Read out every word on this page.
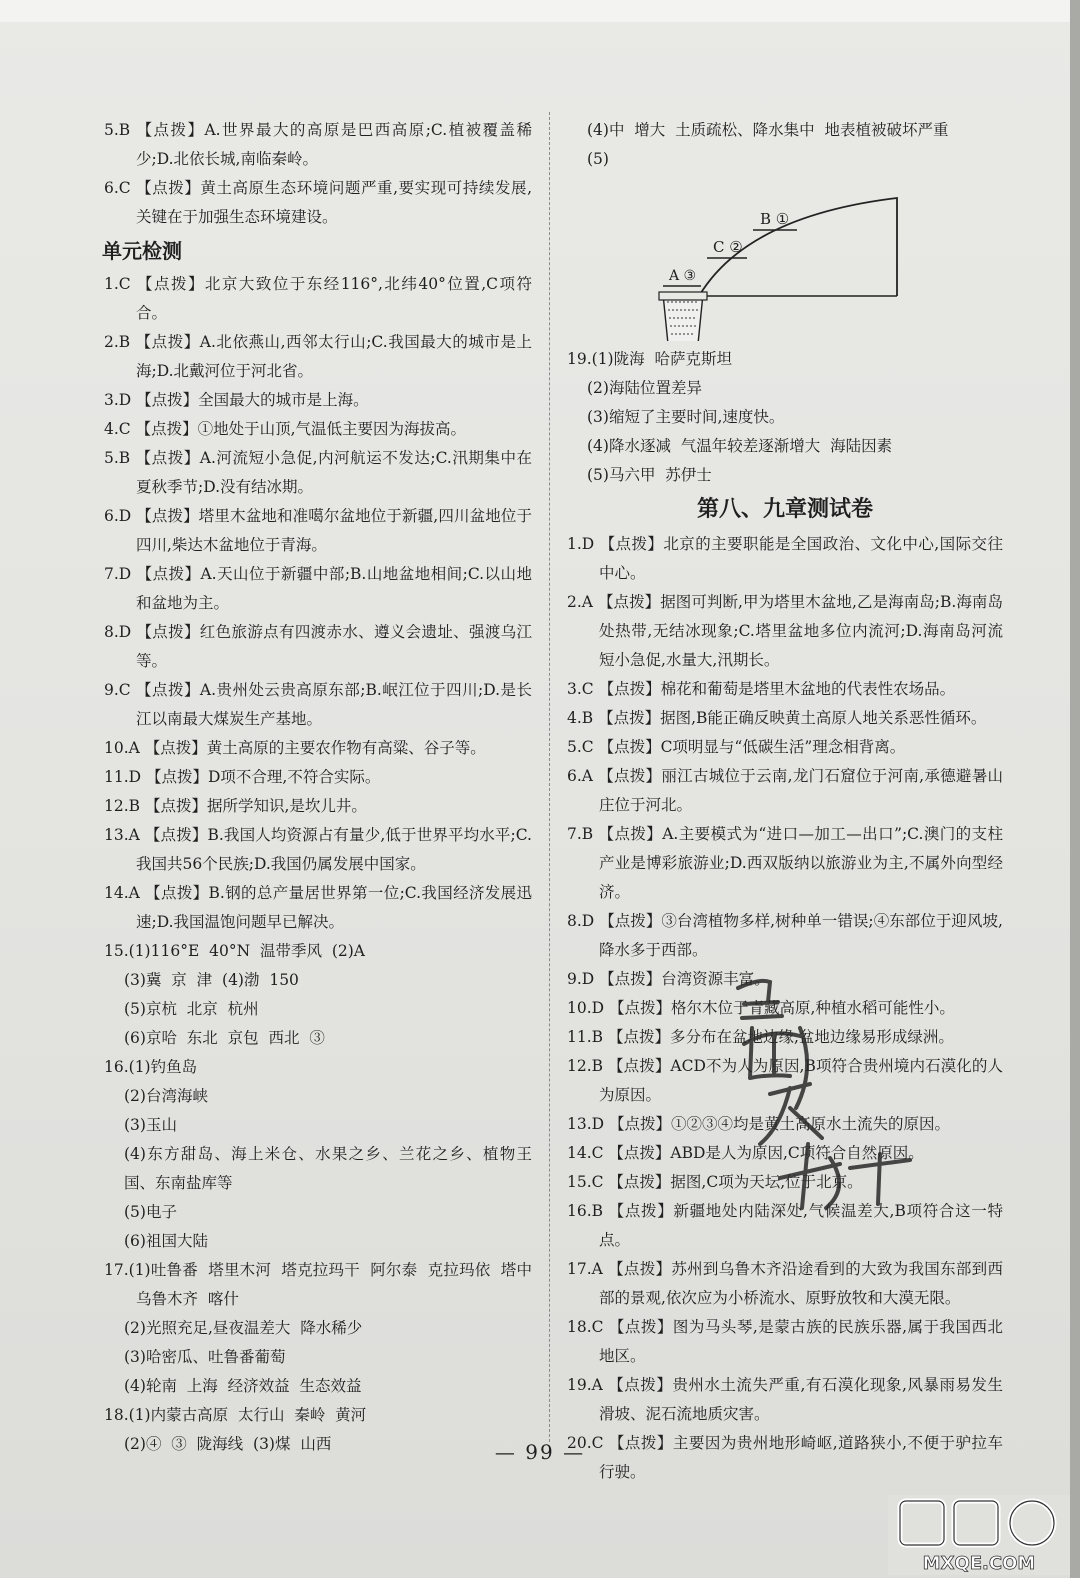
5.B 【点拨】A.世界最大的高原是巴西高原;C.植被覆盖稀少;D.北依长城,南临秦岭。

6.C 【点拨】黄土高原生态环境问题严重,要实现可持续发展,关键在于加强生态环境建设。

单元检测

1.C 【点拨】北京大致位于东经116°,北纬40°位置,C项符合。

2.B 【点拨】A.北依燕山,西邻太行山;C.我国最大的城市是上海;D.北戴河位于河北省。

3.D 【点拨】全国最大的城市是上海。

4.C 【点拨】①地处于山顶,气温低主要因为海拔高。

5.B 【点拨】A.河流短小急促,内河航运不发达;C.汛期集中在夏秋季节;D.没有结冰期。

6.D 【点拨】塔里木盆地和准噶尔盆地位于新疆,四川盆地位于四川,柴达木盆地位于青海。

7.D 【点拨】A.天山位于新疆中部;B.山地盆地相间;C.以山地和盆地为主。

8.D 【点拨】红色旅游点有四渡赤水、遵义会遗址、强渡乌江等。

9.C 【点拨】A.贵州处云贵高原东部;B.岷江位于四川;D.是长江以南最大煤炭生产基地。

10.A 【点拨】黄土高原的主要农作物有高粱、谷子等。

11.D 【点拨】D项不合理,不符合实际。

12.B 【点拨】据所学知识,是坎儿井。

13.A 【点拨】B.我国人均资源占有量少,低于世界平均水平;C.我国共56个民族;D.我国仍属发展中国家。

14.A 【点拨】B.钢的总产量居世界第一位;C.我国经济发展迅速;D.我国温饱问题早已解决。

15.(1)116°E  40°N  温带季风  (2)A

(3)冀  京  津  (4)渤  150

(5)京杭  北京  杭州

(6)京哈  东北  京包  西北  ③

16.(1)钓鱼岛

(2)台湾海峡

(3)玉山

(4)东方甜岛、海上米仓、水果之乡、兰花之乡、植物王国、东南盐库等

(5)电子

(6)祖国大陆

17.(1)吐鲁番  塔里木河  塔克拉玛干  阿尔泰  克拉玛依  塔中  乌鲁木齐  喀什

(2)光照充足,昼夜温差大  降水稀少

(3)哈密瓜、吐鲁番葡萄

(4)轮南  上海  经济效益  生态效益

18.(1)内蒙古高原  太行山  秦岭  黄河

(2)④  ③  陇海线  (3)煤  山西

(4)中  增大  土质疏松、降水集中  地表植被破坏严重

(5)

B ①
C ②
A ③

19.(1)陇海  哈萨克斯坦

(2)海陆位置差异

(3)缩短了主要时间,速度快。

(4)降水逐减  气温年较差逐渐增大  海陆因素

(5)马六甲  苏伊士

第八、九章测试卷

1.D 【点拨】北京的主要职能是全国政治、文化中心,国际交往中心。

2.A 【点拨】据图可判断,甲为塔里木盆地,乙是海南岛;B.海南岛处热带,无结冰现象;C.塔里盆地多位内流河;D.海南岛河流短小急促,水量大,汛期长。

3.C 【点拨】棉花和葡萄是塔里木盆地的代表性农场品。

4.B 【点拨】据图,B能正确反映黄土高原人地关系恶性循环。

5.C 【点拨】C项明显与“低碳生活”理念相背离。

6.A 【点拨】丽江古城位于云南,龙门石窟位于河南,承德避暑山庄位于河北。

7.B 【点拨】A.主要模式为“进口—加工—出口”;C.澳门的支柱产业是博彩旅游业;D.西双版纳以旅游业为主,不属外向型经济。

8.D 【点拨】③台湾植物多样,树种单一错误;④东部位于迎风坡,降水多于西部。

9.D 【点拨】台湾资源丰富。

10.D 【点拨】格尔木位于青藏高原,种植水稻可能性小。

11.B 【点拨】多分布在盆地边缘,盆地边缘易形成绿洲。

12.B 【点拨】ACD不为人为原因,B项符合贵州境内石漠化的人为原因。

13.D 【点拨】①②③④均是黄土高原水土流失的原因。

14.C 【点拨】ABD是人为原因,C项符合自然原因。

15.C 【点拨】据图,C项为天坛,位于北京。

16.B 【点拨】新疆地处内陆深处,气候温差大,B项符合这一特点。

17.A 【点拨】苏州到乌鲁木齐沿途看到的大致为我国东部到西部的景观,依次应为小桥流水、原野放牧和大漠无限。

18.C 【点拨】图为马头琴,是蒙古族的民族乐器,属于我国西北地区。

19.A 【点拨】贵州水土流失严重,有石漠化现象,风暴雨易发生滑坡、泥石流地质灾害。

20.C 【点拨】主要因为贵州地形崎岖,道路狭小,不便于驴拉车行驶。

— 99 —
MXQE.COM
